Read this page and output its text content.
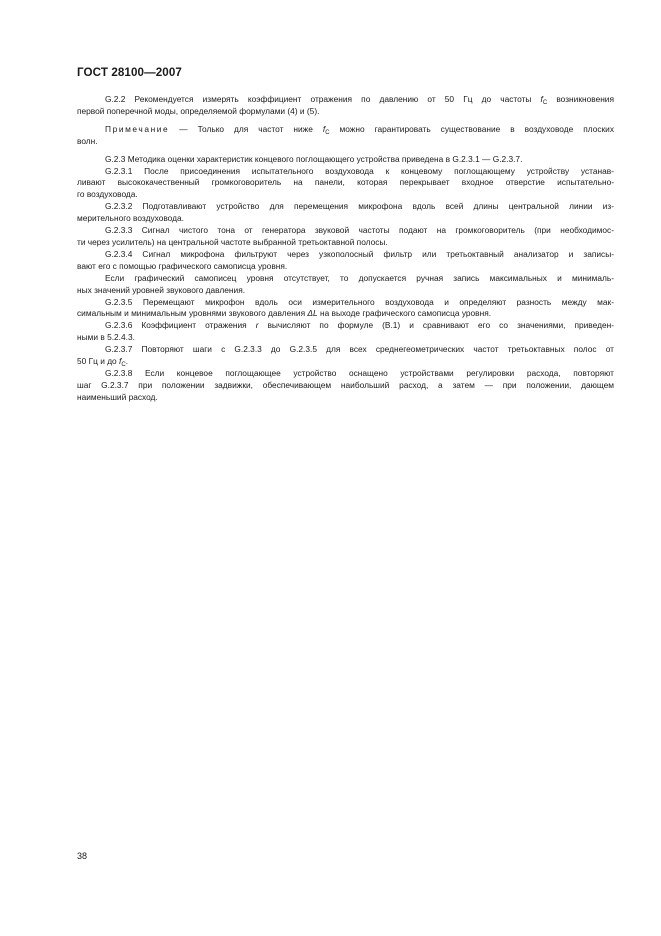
ГОСТ 28100—2007
G.2.2 Рекомендуется измерять коэффициент отражения по давлению от 50 Гц до частоты $f_C$ возникновения
первой поперечной моды, определяемой формулами (4) и (5).
Примечание — Только для частот ниже $f_C$ можно гарантировать существование в воздуховоде плоских
волн.
G.2.3 Методика оценки характеристик концевого поглощающего устройства приведена в G.2.3.1 — G.2.3.7.
G.2.3.1 После присоединения испытательного воздуховода к концевому поглощающему устройству устанав-
ливают высококачественный громкоговоритель на панели, которая перекрывает входное отверстие испытательно-
го воздуховода.
G.2.3.2 Подготавливают устройство для перемещения микрофона вдоль всей длины центральной линии из-
мерительного воздуховода.
G.2.3.3 Сигнал чистого тона от генератора звуковой частоты подают на громкоговоритель (при необходимос-
ти через усилитель) на центральной частоте выбранной третьоктавной полосы.
G.2.3.4 Сигнал микрофона фильтруют через узкополосный фильтр или третьоктавный анализатор и записы-
вают его с помощью графического самописца уровня.
Если графический самописец уровня отсутствует, то допускается ручная запись максимальных и минималь-
ных значений уровней звукового давления.
G.2.3.5 Перемещают микрофон вдоль оси измерительного воздуховода и определяют разность между мак-
симальным и минимальным уровнями звукового давления ΔL на выходе графического самописца уровня.
G.2.3.6 Коэффициент отражения r вычисляют по формуле (В.1) и сравнивают его со значениями, приведен-
ными в 5.2.4.3.
G.2.3.7 Повторяют шаги с G.2.3.3 до G.2.3.5 для всех среднегеометрических частот третьоктавных полос от
50 Гц и до $f_C$.
G.2.3.8 Если концевое поглощающее устройство оснащено устройствами регулировки расхода, повторяют
шаг G.2.3.7 при положении задвижки, обеспечивающем наибольший расход, а затем — при положении, дающем
наименьший расход.
38
